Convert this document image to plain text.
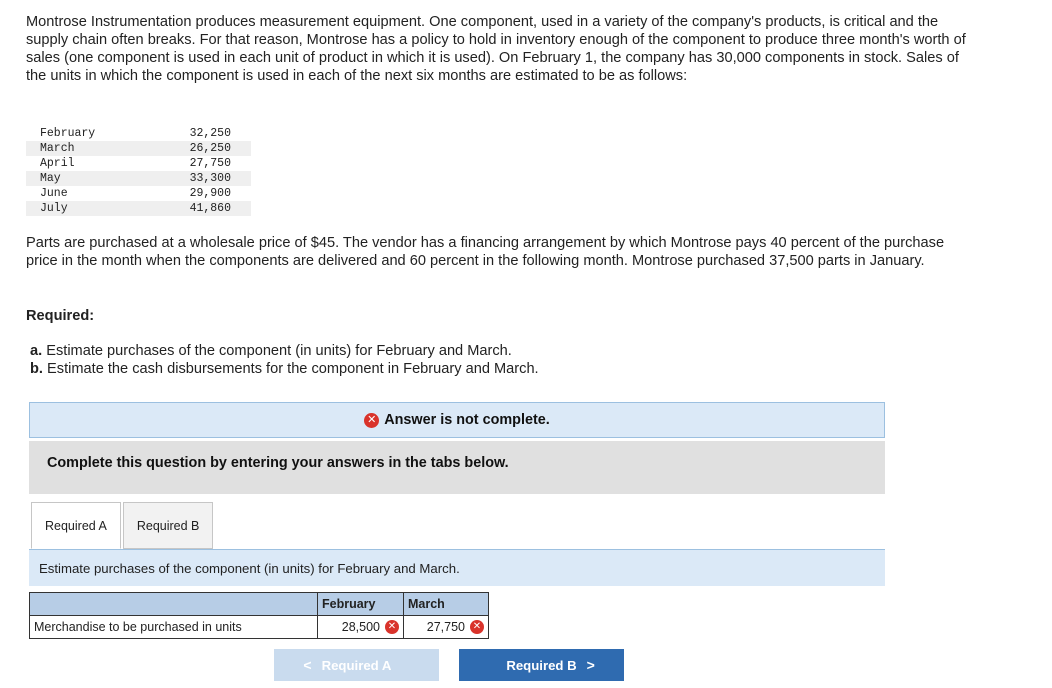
Montrose Instrumentation produces measurement equipment. One component, used in a variety of the company's products, is critical and the supply chain often breaks. For that reason, Montrose has a policy to hold in inventory enough of the component to produce three month's worth of sales (one component is used in each unit of product in which it is used). On February 1, the company has 30,000 components in stock. Sales of the units in which the component is used in each of the next six months are estimated to be as follows:

February	32,250
March	26,250
April	27,750
May	33,300
June	29,900
July	41,860

Parts are purchased at a wholesale price of $45. The vendor has a financing arrangement by which Montrose pays 40 percent of the purchase price in the month when the components are delivered and 60 percent in the following month. Montrose purchased 37,500 parts in January.

Required:
a. Estimate purchases of the component (in units) for February and March.
b. Estimate the cash disbursements for the component in February and March.
✕ Answer is not complete.
Complete this question by entering your answers in the tabs below.
Required A Required B
Estimate purchases of the component (in units) for February and March.
	February	March
Merchandise to be purchased in units	28,500 ✕	27,750 ✕
< Required A	Required B >
